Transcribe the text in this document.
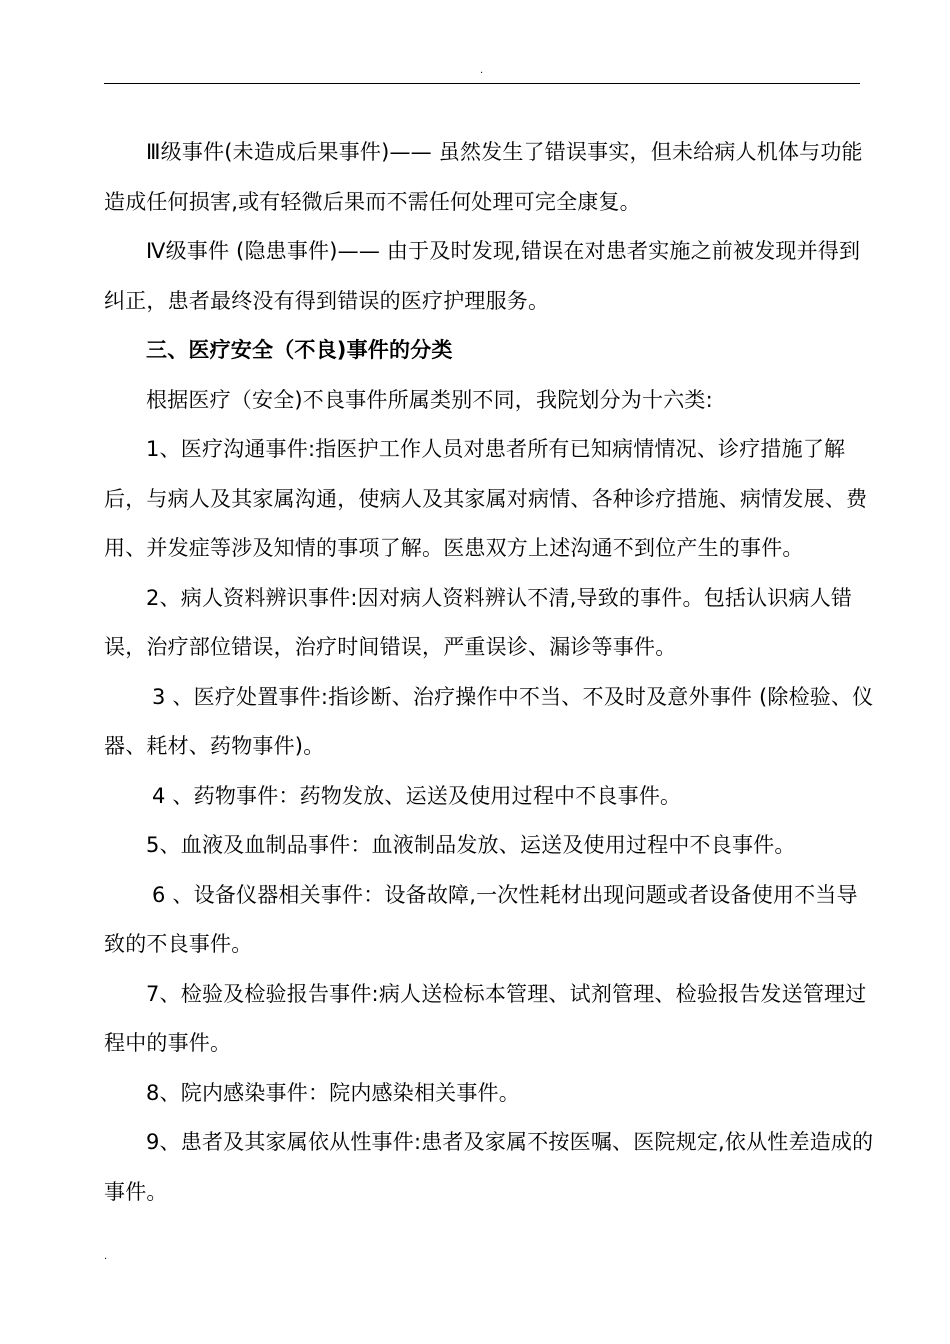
.

Ⅲ级事件(未造成后果事件)—— 虽然发生了错误事实，但未给病人机体与功能造成任何损害,或有轻微后果而不需任何处理可完全康复。

Ⅳ级事件 (隐患事件)—— 由于及时发现,错误在对患者实施之前被发现并得到纠正，患者最终没有得到错误的医疗护理服务。

三、医疗安全（不良)事件的分类

根据医疗（安全)不良事件所属类别不同，我院划分为十六类:

1、医疗沟通事件:指医护工作人员对患者所有已知病情情况、诊疗措施了解后，与病人及其家属沟通，使病人及其家属对病情、各种诊疗措施、病情发展、费用、并发症等涉及知情的事项了解。医患双方上述沟通不到位产生的事件。

2、病人资料辨识事件:因对病人资料辨认不清,导致的事件。包括认识病人错误，治疗部位错误，治疗时间错误，严重误诊、漏诊等事件。

3 、医疗处置事件:指诊断、治疗操作中不当、不及时及意外事件 (除检验、仪器、耗材、药物事件)。

4 、药物事件：药物发放、运送及使用过程中不良事件。

5、血液及血制品事件：血液制品发放、运送及使用过程中不良事件。

6 、设备仪器相关事件：设备故障,一次性耗材出现问题或者设备使用不当导致的不良事件。

7、检验及检验报告事件:病人送检标本管理、试剂管理、检验报告发送管理过程中的事件。

8、院内感染事件：院内感染相关事件。

9、患者及其家属依从性事件:患者及家属不按医嘱、医院规定,依从性差造成的事件。

.
